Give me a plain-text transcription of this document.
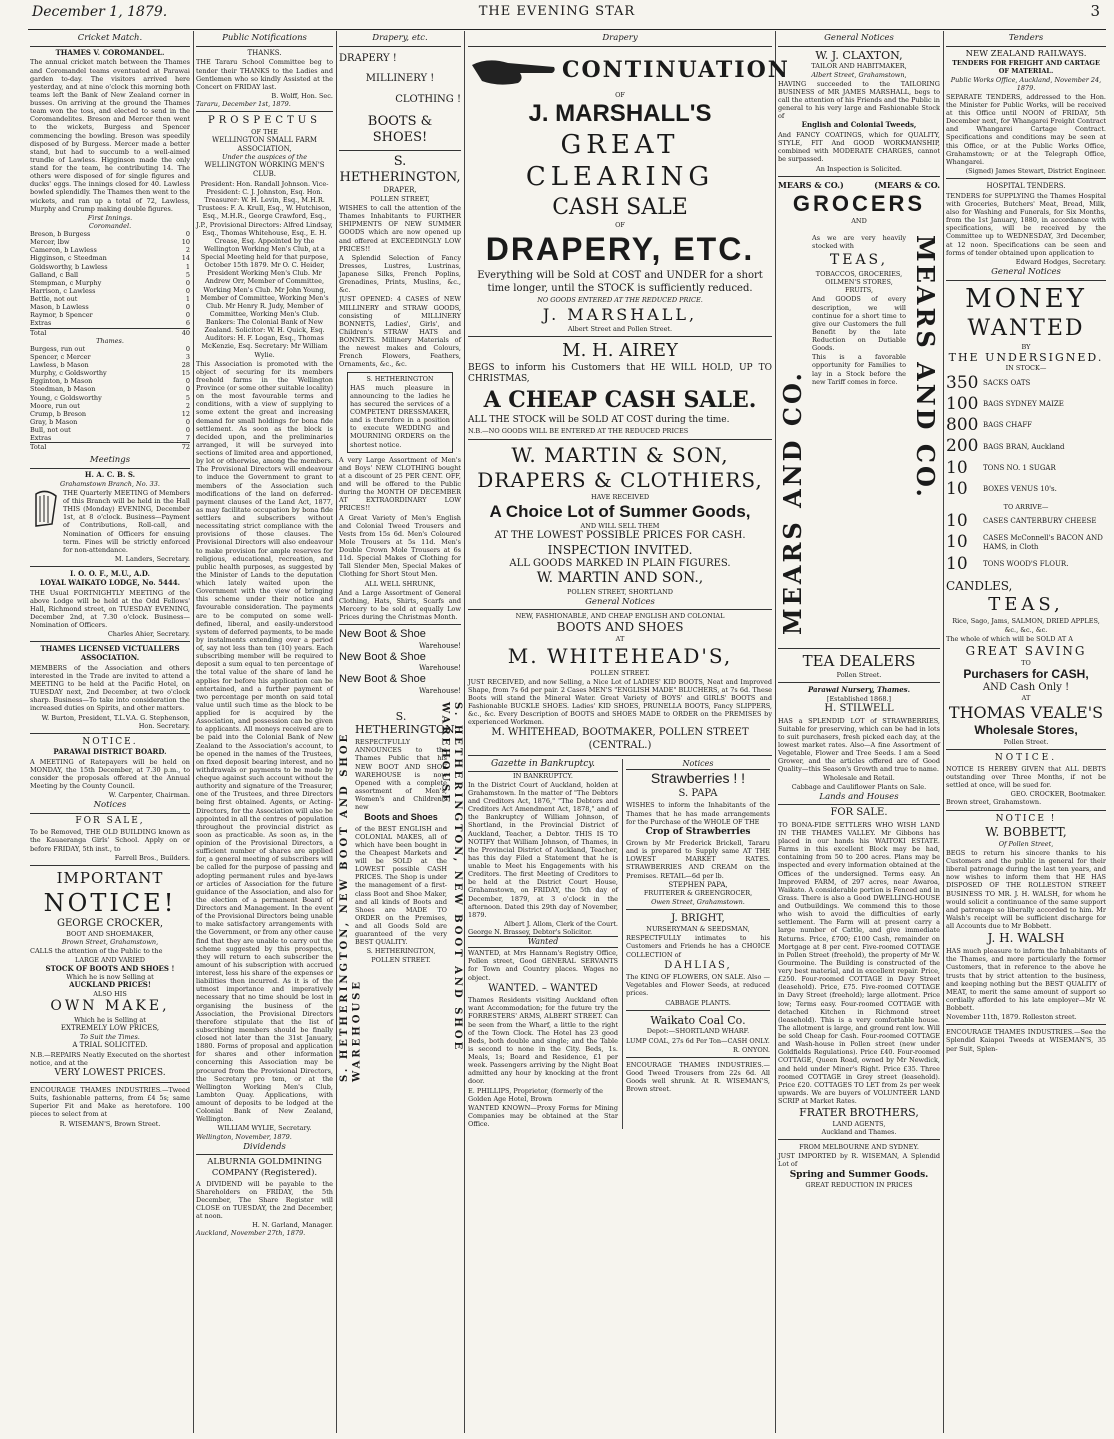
December 1, 1879.	THE EVENING STAR	3
Cricket Match.
THAMES V. COROMANDEL.

The annual cricket match between the Thames and Coromandel teams eventuated at Parawai garden to-day. The visitors arrived here yesterday, and at nine o'clock this morning both teams left the Bank of New Zealand corner in busses. On arriving at the ground the Thames team won the toss, and elected to send in the Coromandelites. Breson and Mercer then went to the wickets, Burgess and Spencer commencing the bowling. Breson was speedily disposed of by Burgess. Mercer made a better stand, but had to succumb to a well-aimed trundle of Lawless. Higginson made the only stand for the team, he contributing 14. The others were disposed of for single figures and ducks' eggs. The innings closed for 40. Lawless bowled splendidly. The Thames then went to the wickets, and ran up a total of 72, Lawless, Murphy and Crump making double figures.

First Innings.
Coromandel.
Breson, b Burgess	0
Mercer, lbw	10
Cameron, b Lawless	2
Higginson, c Steedman	14
Goldsworthy, b Lawless	1
Galland, c Ball	5
Stempman, c Murphy	0
Harrison, c Lawless	0
Bettle, not out	1
Mason, b Lawless	0
Raymor, b Spencer	0
Extras	6
Total	40
Thames.
Burgess, run out	0
Spencer, c Mercer	3
Lawless, b Mason	28
Murphy, c Goldsworthy	15
Egginton, b Mason	0
Steedman, b Mason	0
Young, c Goldsworthy	5
Moore, run out	2
Crump, b Breson	12
Gray, b Mason	0
Bull, not out	0
Extras	7
Total	72
Meetings
H. A. C. B. S.
Grahamstown Branch, No. 33.

THE Quarterly MEETING of Members of this Branch will be held in the Hall THIS (Monday) EVENING, December 1st, at 8 o'clock. Business—Payment of Contributions, Roll-call, and Nomination of Officers for ensuing term. Fines will be strictly enforced for non-attendance.

M. Landers, Secretary.
I. O. O. F., M.U., A.D.
LOYAL WAIKATO LODGE, No. 5444.

THE Usual FORTNIGHTLY MEETING of the above Lodge will be held at the Odd Fellows' Hall, Richmond street, on TUESDAY EVENING, December 2nd, at 7.30 o'clock. Business—Nomination of Officers.

Charles Ahier, Secretary.
THAMES LICENSED VICTUALLERS ASSOCIATION.

MEMBERS of the Association and others interested in the Trade are invited to attend a MEETING to be held at the Pacific Hotel, on TUESDAY next, 2nd December, at two o'clock sharp. Business—To take into consideration the increased duties on Spirits, and other matters.

W. Burton, President, T.L.V.A. G. Stephenson, Hon. Secretary.
NOTICE.
PARAWAI DISTRICT BOARD.

A MEETING of Ratepayers will be held on MONDAY, the 15th December, at 7.30 p.m., to consider the proposals offered at the Annual Meeting by the County Council.

W. Carpenter, Chairman.
Notices
FOR SALE,

To be Removed, THE OLD BUILDING known as the Kauaeranga Girls' School. Apply on or before FRIDAY, 5th inst., to

Farrell Bros., Builders.
IMPORTANT
NOTICE!
GEORGE CROCKER,
BOOT AND SHOEMAKER,
Brown Street, Grahamstown,

CALLS the attention of the Public to the

LARGE AND VARIED
STOCK OF BOOTS AND SHOES !
Which he is now Selling at
AUCKLAND PRICES!
ALSO HIS
OWN MAKE,
Which he is Selling at
EXTREMELY LOW PRICES,
To Suit the Times.
A TRIAL SOLICITED.

N.B.—REPAIRS Neatly Executed on the shortest notice, and at the

VERY LOWEST PRICES.

ENCOURAGE THAMES INDUSTRIES.—Tweed Suits, fashionable patterns, from £4 5s; same Superior Fit and Make as heretofore. 100 pieces to select from at

R. WISEMAN'S, Brown Street.
Public Notifications
THANKS.

THE Tararu School Committee beg to tender their THANKS to the Ladies and Gentlemen who so kindly Assisted at the Concert on FRIDAY last.

B. Wolff, Hon. Sec.
Tararu, December 1st, 1879.
PROSPECTUS
OF THE
WELLINGTON SMALL FARM ASSOCIATION,
Under the auspices of the
WELLINGTON WORKING MEN'S CLUB.

President: Hon. Randall Johnson. Vice-President: C. J. Johnston, Esq. Hon. Treasurer: W. H. Levin, Esq., M.H.R. Trustees: F. A. Krull, Esq., W. Hutchison, Esq., M.H.R., George Crawford, Esq., J.P., Provisional Directors: Alfred Lindsay, Esq., Thomas Whitehouse, Esq., E. H. Crease, Esq. Appointed by the Wellington Working Men's Club, at a Special Meeting held for that purpose, October 15th 1879. Mr O. C. Heider, President Working Men's Club. Mr Andrew Orr, Member of Committee, Working Men's Club. Mr John Young, Member of Committee, Working Men's Club. Mr Henry R. Judy, Member of Committee, Working Men's Club. Bankers: The Colonial Bank of New Zealand. Solicitor: W. H. Quick, Esq. Auditors: H. F. Logan, Esq., Thomas McKenzie, Esq. Secretary: Mr William Wylie.

This Association is promoted with the object of securing for its members freehold farms in the Wellington Province (or some other suitable locality) on the most favourable terms and conditions, with a view of supplying to some extent the great and increasing demand for small holdings for bona fide settlement. As soon as the block is decided upon, and the preliminaries arranged, it will be surveyed into sections of limited area and apportioned, by lot or otherwise, among the members. The Provisional Directors will endeavour to induce the Government to grant to members of the Association such modifications of the land on deferred-payment clauses of the Land Act, 1877, as may facilitate occupation by bona fide settlers and subscribers without necessitating strict compliance with the provisions of those clauses. The Provisional Directors will also endeavour to make provision for ample reserves for religious, educational, recreation, and public health purposes, as suggested by the Minister of Lands to the deputation which lately waited upon the Government with the view of bringing this scheme under their notice and favourable consideration. The payments are to be computed on some well-defined, liberal, and easily-understood system of deferred payments, to be made by instalments extending over a period of, say not less than ten (10) years. Each subscribing member will be required to deposit a sum equal to ten percentage of the total value of the share of land he applies for before his application can be entertained, and a further payment of two percentage per month on said total value until such time as the block to be applied for is acquired by the Association, and possession can be given to applicants. All moneys received are to be paid into the Colonial Bank of New Zealand to the Association's account, to be opened in the names of the Trustees, on fixed deposit bearing interest, and no withdrawals or payments to be made by cheque against such account without the authority and signature of the Treasurer, one of the Trustees, and three Directors being first obtained. Agents, or Acting-Directors, for the Association will also be appointed in all the centres of population throughout the provincial district as soon as practicable. As soon as, in the opinion of the Provisional Directors, a sufficient number of shares are applied for, a general meeting of subscribers will be called for the purpose of passing and adopting permanent rules and bye-laws or articles of Association for the future guidance of the Association, and also for the election of a permanent Board of Directors and Management. In the event of the Provisional Directors being unable to make satisfactory arrangements with the Government, or from any other cause find that they are unable to carry out the scheme suggested by this prospectus, they will return to each subscriber the amount of his subscription with accrued interest, less his share of the expenses or liabilities then incurred. As it is of the utmost importance and imperatively necessary that no time should be lost in organising the business of the Association, the Provisional Directors therefore stipulate that the list of subscribing members should be finally closed not later than the 31st January, 1880. Forms of proposal and application for shares and other information concerning this Association may be procured from the Provisional Directors, the Secretary pro tem, or at the Wellington Working Men's Club, Lambton Quay. Applications, with amount of deposits to be lodged at the Colonial Bank of New Zealand, Wellington.

WILLIAM WYLIE, Secretary.
Wellington, November, 1879.
Dividends
ALBURNIA GOLDMINING COMPANY (Registered).

A DIVIDEND will be payable to the Shareholders on FRIDAY, the 5th December, The Share Register will CLOSE on TUESDAY, the 2nd December, at noon.

H. N. Garland, Manager.
Auckland, November 27th, 1879.
Drapery, etc.
DRAPERY !
MILLINERY !
CLOTHING !
BOOTS & SHOES!
S. HETHERINGTON,
DRAPER,
POLLEN STREET,

WISHES to call the attention of the Thames Inhabitants to FURTHER SHIPMENTS OF NEW SUMMER GOODS which are now opened up and offered at EXCEEDINGLY LOW PRICES!!

A Splendid Selection of Fancy Dresses, Lustres, Lustrinas, Japanese Silks, French Poplins, Grenadines, Prints, Muslins, &c., &c.

JUST OPENED: 4 CASES of NEW MILLINERY and STRAW GOODS, consisting of MILLINERY BONNETS, Ladies', Girls', and Children's STRAW HATS and BONNETS. Millinery Materials of the newest makes and Colours, French Flowers, Feathers, Ornaments, &c., &c.

S. HETHERINGTON

HAS much pleasure in announcing to the ladies he has secured the services of a COMPETENT DRESSMAKER, and is therefore in a position to execute WEDDING and MOURNING ORDERS on the shortest notice.

A very Large Assortment of Men's and Boys' NEW CLOTHING bought at a discount of 25 PER CENT. OFF, and will be offered to the Public during the MONTH OF DECEMBER AT EXTRAORDINARY LOW PRICES!!

A Great Variety of Men's English and Colonial Tweed Trousers and Vests from 15s 6d. Men's Coloured Mole Trousers at 5s 11d. Men's Double Crown Mole Trousers at 6s 11d. Special Makes of Clothing for Tall Slender Men, Special Makes of Clothing for Short Stout Men.

ALL WELL SHRUNK,

And a Large Assortment of General Clothing, Hats, Shirts, Scarfs and Mercery to be sold at equally Low Prices during the Christmas Month.

New Boot & Shoe
Warehouse!
New Boot & Shoe
Warehouse!
New Boot & Shoe
Warehouse!
S. HETHERINGTON, NEW BOOT AND SHOE WAREHOUSE	S. HETHERINGTON, NEW BOOT AND SHOE WAREHOUSE
S. HETHERINGTON

RESPECTFULLY ANNOUNCES to the Thames Public that his NEW BOOT AND SHOE WAREHOUSE is now Opened with a complete assortment of Men's, Women's and Children's new

Boots and Shoes

of the BEST ENGLISH and COLONIAL MAKES, all of which have been bought in the Cheapest Markets and will be SOLD at the LOWEST possible CASH PRICES. The Shop is under the management of a first-class Boot and Shoe Maker, and all kinds of Boots and Shoes are MADE TO ORDER on the Premises, and all Goods Sold are guaranteed of the very BEST QUALITY.

S. HETHERINGTON,
POLLEN STREET.
Drapery
CONTINUATION
OF
J. MARSHALL'S
GREAT CLEARING
CASH SALE
OF
DRAPERY, ETC.

Everything will be Sold at COST and UNDER for a short time longer, until the STOCK is sufficiently reduced.

NO GOODS ENTERED AT THE REDUCED PRICE.
J. MARSHALL,
Albert Street and Pollen Street.
M. H. AIREY

BEGS to inform his Customers that HE WILL HOLD, UP TO CHRISTMAS,

A CHEAP CASH SALE.

ALL THE STOCK will be SOLD AT COST during the time.

N.B.—NO GOODS WILL BE ENTERED AT THE REDUCED PRICES
W. MARTIN & SON,
DRAPERS & CLOTHIERS,
HAVE RECEIVED
A Choice Lot of Summer Goods,
AND WILL SELL THEM
AT THE LOWEST POSSIBLE PRICES FOR CASH.
INSPECTION INVITED.
ALL GOODS MARKED IN PLAIN FIGURES.
W. MARTIN AND SON.,
POLLEN STREET, SHORTLAND
General Notices
NEW, FASHIONABLE, AND CHEAP ENGLISH AND COLONIAL
BOOTS AND SHOES
AT
M. WHITEHEAD'S,
POLLEN STREET.

JUST RECEIVED, and now Selling, a Nice Lot of LADIES' KID BOOTS, Neat and Improved Shape, from 7s 6d per pair. 2 Cases MEN'S "ENGLISH MADE" BLUCHERS, at 7s 6d. These Boots will stand the Mineral Water. Great Variety of BOYS' and GIRLS' BOOTS and Fashionable BUCKLE SHOES. Ladies' KID SHOES, PRUNELLA BOOTS, Fancy SLIPPERS, &c., &c. Every Description of BOOTS and SHOES MADE to ORDER on the PREMISES by experienced Workmen.

M. WHITEHEAD, BOOTMAKER, POLLEN STREET (CENTRAL.)
Gazette in Bankruptcy.
IN BANKRUPTCY.

In the District Court of Auckland, holden at Grahamstown. In the matter of "The Debtors and Creditors Act, 1876," "The Debtors and Creditors Act Amendment Act, 1878," and of the Bankruptcy of William Johnson, of Shortland, in the Provincial District of Auckland, Teacher, a Debtor. THIS IS TO NOTIFY that William Johnson, of Thames, in the Provincial District of Auckland, Teacher, has this day Filed a Statement that he is unable to Meet his Engagements with his Creditors. The first Meeting of Creditors to be held at the District Court House, Grahamstown, on FRIDAY, the 5th day of December, 1879, at 3 o'clock in the afternoon. Dated this 29th day of November, 1879.

Albert J. Allom, Clerk of the Court.
George N. Brassey, Debtor's Solicitor.
Wanted

WANTED, at Mrs Hannam's Registry Office, Pollen street, Good GENERAL SERVANTS for Town and Country places. Wages no object.

WANTED. – WANTED

Thames Residents visiting Auckland often want Accommodation; for the future try the FORRESTERS' ARMS, ALBERT STREET. Can be seen from the Wharf, a little to the right of the Town Clock. The Hotel has 23 good Beds, both double and single; and the Table is second to none in the City. Beds, 1s. Meals, 1s; Board and Residence, £1 per week. Passengers arriving by the Night Boat admitted any hour by knocking at the front door.

E. PHILLIPS, Proprietor, (formerly of the Golden Age Hotel, Brown

WANTED KNOWN—Proxy Forms for Mining Companies may be obtained at the Star Office.

Notices
Strawberries ! !
S. PAPA

WISHES to inform the Inhabitants of the Thames that he has made arrangements for the Purchase of the WHOLE OF THE

Crop of Strawberries

Grown by Mr Frederick Brickell, Tararu and is prepared to Supply same AT THE LOWEST MARKET RATES. STRAWBERRIES AND CREAM on the Premises. RETAIL—6d per lb.

STEPHEN PAPA,
FRUITERER & GREENGROCER,
Owen Street, Grahamstown.
J. BRIGHT,
NURSERYMAN & SEEDSMAN,

RESPECTFULLY intimates to his Customers and Friends he has a CHOICE COLLECTION of

DAHLIAS,

The KING OF FLOWERS, ON SALE. Also — Vegetables and Flower Seeds, at reduced prices.

CABBAGE PLANTS.
Waikato Coal Co.
Depot:—SHORTLAND WHARF.

LUMP COAL, 27s 6d Per Ton—CASH ONLY.

R. ONYON.

ENCOURAGE THAMES INDUSTRIES.—Good Tweed Trousers from 22s 6d. All Goods well shrunk. At R. WISEMAN'S, Brown street.

General Notices
W. J. CLAXTON,
TAILOR AND HABITMAKER,
Albert Street, Grahamstown,

HAVING succeeded to the TAILORING BUSINESS of MR JAMES MARSHALL, begs to call the attention of his Friends and the Public in general to his very large and Fashionable Stock of

English and Colonial Tweeds,

And FANCY COATINGS, which for QUALITY, STYLE, FIT And GOOD WORKMANSHIP, combined with MODERATE CHARGES, cannot be surpassed.

An Inspection is Solicited.
MEARS & CO.)	(MEARS & CO.
GROCERS
AND
MEARS AND CO.
MEARS AND CO.

As we are very heavily stocked with

TEAS,

TOBACCOS, GROCERIES, OILMEN'S STORES, FRUITS,

And GOODS of every description, we will continue for a short time to give our Customers the full Benefit by the late Reduction on Dutiable Goods.

This is a favorable opportunity for Families to lay in a Stock before the new Tariff comes in force.

TEA DEALERS
Pollen Street.
Parawai Nursery, Thames.
[Established 1868.]
H. STILWELL

HAS a SPLENDID LOT of STRAWBERRIES, Suitable for preserving, which can be had in lots to suit purchasers, fresh picked each day, at the lowest market rates. Also—A fine Assortment of Vegetable, Flower and Tree Seeds. I am a Seed Grower, and the articles offered are of Good Quality—this Season's Growth and true to name.

Wholesale and Retail.
Cabbage and Cauliflower Plants on Sale.
Lands and Houses
FOR SALE.

TO BONA-FIDE SETTLERS WHO WISH LAND IN THE THAMES VALLEY. Mr Gibbons has placed in our hands his WAITOKI ESTATE. Farms in this excellent Block may be had, containing from 50 to 200 acres. Plans may be inspected and every information obtained at the Offices of the undersigned. Terms easy. An Improved FARM, of 297 acres, near Awaroa, Waikato. A considerable portion is Fenced and in Grass. There is also a Good DWELLING-HOUSE and Outbuildings. We commend this to those who wish to avoid the difficulties of early settlement. The Farm will at present carry a large number of Cattle, and give immediate Returns. Price, £700; £100 Cash, remainder on Mortgage at 8 per cent. Five-roomed COTTAGE in Pollen Street (freehold), the property of Mr W. Gourmoine. The Building is constructed of the very best material, and in excellent repair. Price, £250. Four-roomed COTTAGE in Davy Street (leasehold). Price, £75. Five-roomed COTTAGE in Davy Street (freehold); large allotment. Price low; Terms easy. Four-roomed COTTAGE with detached Kitchen in Richmond street (leasehold). This is a very comfortable house. The allotment is large, and ground rent low. Will be sold Cheap for Cash. Four-roomed COTTAGE and Wash-house in Pollen street (new under Goldfields Regulations). Price £40. Four-roomed COTTAGE, Queen Road, owned by Mr Newdick, and held under Miner's Right. Price £35. Three roomed COTTAGE in Grey street (leasehold). Price £20. COTTAGES TO LET from 2s per week upwards. We are buyers of VOLUNTEER LAND SCRIP at Market Rates.

FRATER BROTHERS,
LAND AGENTS,
Auckland and Thames.
FROM MELBOURNE AND SYDNEY.

JUST IMPORTED by R. WISEMAN, A Splendid Lot of

Spring and Summer Goods.
GREAT REDUCTION IN PRICES
Tenders
NEW ZEALAND RAILWAYS.
TENDERS FOR FREIGHT AND CARTAGE OF MATERIAL.
Public Works Office, Auckland, November 24, 1879.

SEPARATE TENDERS, addressed to the Hon. the Minister for Public Works, will be received at this Office until NOON of FRIDAY, 5th December next, for Whangarei Freight Contract and Whangarei Cartage Contract. Specifications and conditions may be seen at this Office, or at the Public Works Office, Grahamstown; or at the Telegraph Office, Whangarei.

(Signed) James Stewart, District Engineer.
HOSPITAL TENDERS.

TENDERS for SUPPLYING the Thames Hospital with Groceries, Butchers' Meat, Bread, Milk, also for Washing and Funerals, for Six Months, from the 1st January, 1880, in accordance with specifications, will be received by the Committee up to WEDNESDAY, 3rd December, at 12 noon. Specifications can be seen and forms of tender obtained upon application to

Edward Hodges, Secretary.
General Notices
MONEY
WANTED
BY
THE UNDERSIGNED.
IN STOCK—
350 SACKS OATS
100 BAGS SYDNEY MAIZE
800 BAGS CHAFF
200 BAGS BRAN, Auckland
10	TONS NO. 1 SUGAR
10	BOXES VENUS 10's.
TO ARRIVE—
10	CASES CANTERBURY CHEESE
10	CASES McConnell's BACON AND HAMS, in Cloth
10	TONS WOOD'S FLOUR.
CANDLES,
TEAS,

Rice, Sago, Jams, SALMON, DRIED APPLES, &c., &c., &c.

The whole of which will be SOLD AT A

GREAT SAVING
TO
Purchasers for CASH,
AND Cash Only !
AT
THOMAS VEALE'S
Wholesale Stores,
Pollen Street.
NOTICE.

NOTICE IS HEREBY GIVEN that ALL DEBTS outstanding over Three Months, if not be settled at once, will be sued for.

GEO. CROCKER, Bootmaker.
Brown street, Grahamstown.
NOTICE !
W. BOBBETT,
Of Pollen Street,

BEGS to return his sincere thanks to his Customers and the public in general for their liberal patronage during the last ten years, and now wishes to inform them that HE HAS DISPOSED OF THE ROLLESTON STREET BUSINESS TO MR. J. H. WALSH, for whom he would solicit a continuance of the same support and patronage so liberally accorded to him. Mr Walsh's receipt will be sufficient discharge for all Accounts due to Mr Bobbett.

J. H. WALSH

HAS much pleasure to inform the Inhabitants of the Thames, and more particularly the former Customers, that in reference to the above he trusts that by strict attention to the business, and keeping nothing but the BEST QUALITY of MEAT, to merit the same amount of support so cordially afforded to his late employer—Mr W. Bobbett.

November 11th, 1879. Rolleston street.

ENCOURAGE THAMES INDUSTRIES.—See the Splendid Kaiapoi Tweeds at WISEMAN'S, 35 per Suit, Splen-
